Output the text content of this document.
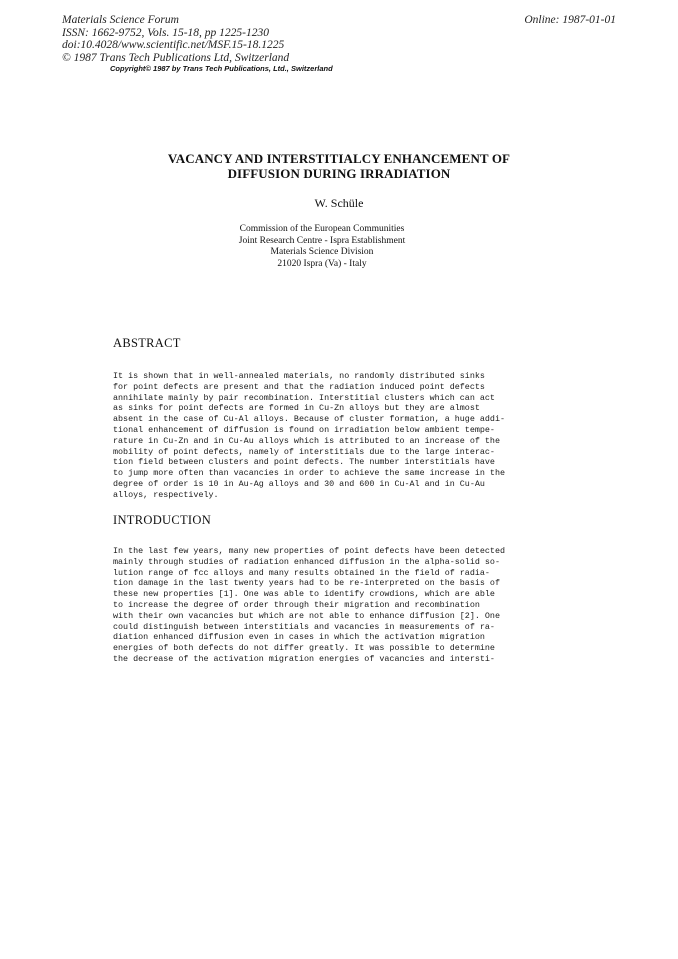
Materials Science Forum
ISSN: 1662-9752, Vols. 15-18, pp 1225-1230
doi:10.4028/www.scientific.net/MSF.15-18.1225
© 1987 Trans Tech Publications Ltd, Switzerland
Online: 1987-01-01
Copyright© 1987 by Trans Tech Publications, Ltd., Switzerland
VACANCY AND INTERSTITIALCY ENHANCEMENT OF
DIFFUSION DURING IRRADIATION
W. Schüle
Commission of the European Communities
Joint Research Centre - Ispra Establishment
Materials Science Division
21020 Ispra (Va) - Italy
ABSTRACT
It is shown that in well-annealed materials, no randomly distributed sinks
for point defects are present and that the radiation induced point defects
annihilate mainly by pair recombination. Interstitial clusters which can act
as sinks for point defects are formed in Cu-Zn alloys but they are almost
absent in the case of Cu-Al alloys. Because of cluster formation, a huge addi-
tional enhancement of diffusion is found on irradiation below ambient tempe-
rature in Cu-Zn and in Cu-Au alloys which is attributed to an increase of the
mobility of point defects, namely of interstitials due to the large interac-
tion field between clusters and point defects. The number interstitials have
to jump more often than vacancies in order to achieve the same increase in the
degree of order is 10 in Au-Ag alloys and 30 and 600 in Cu-Al and in Cu-Au
alloys, respectively.
INTRODUCTION
In the last few years, many new properties of point defects have been detected
mainly through studies of radiation enhanced diffusion in the alpha-solid so-
lution range of fcc alloys and many results obtained in the field of radia-
tion damage in the last twenty years had to be re-interpreted on the basis of
these new properties [1]. One was able to identify crowdions, which are able
to increase the degree of order through their migration and recombination
with their own vacancies but which are not able to enhance diffusion [2]. One
could distinguish between interstitials and vacancies in measurements of ra-
diation enhanced diffusion even in cases in which the activation migration
energies of both defects do not differ greatly. It was possible to determine
the decrease of the activation migration energies of vacancies and intersti-
